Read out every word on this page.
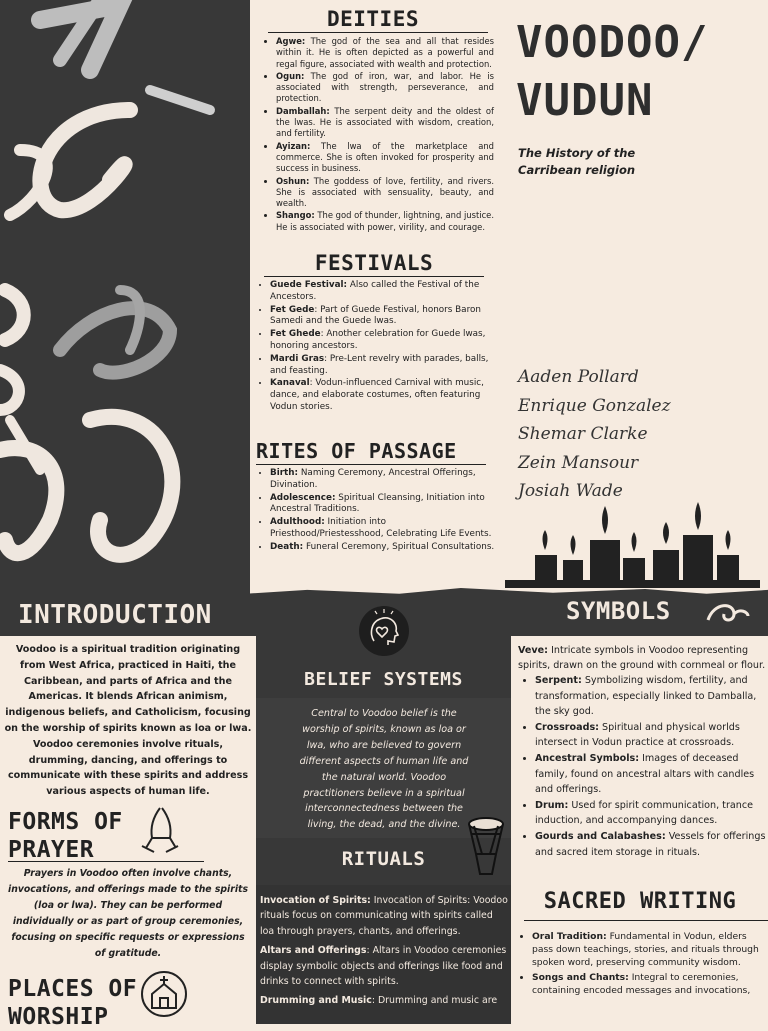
DEITIES
• Agwe: The god of the sea and all that resides within it. He is often depicted as a powerful and regal figure, associated with wealth and protection.
• Ogun: The god of iron, war, and labor. He is associated with strength, perseverance, and protection.
• Damballah: The serpent deity and the oldest of the lwas. He is associated with wisdom, creation, and fertility.
• Ayizan: The lwa of the marketplace and commerce. She is often invoked for prosperity and success in business.
• Oshun: The goddess of love, fertility, and rivers. She is associated with sensuality, beauty, and wealth.
• Shango: The god of thunder, lightning, and justice. He is associated with power, virility, and courage.
FESTIVALS
• Guede Festival: Also called the Festival of the Ancestors.
• Fet Gede: Part of Guede Festival, honors Baron Samedi and the Guede lwas.
• Fet Ghede: Another celebration for Guede lwas, honoring ancestors.
• Mardi Gras: Pre-Lent revelry with parades, balls, and feasting.
• Kanaval: Vodun-influenced Carnival with music, dance, and elaborate costumes, often featuring Vodun stories.
RITES OF PASSAGE
• Birth: Naming Ceremony, Ancestral Offerings, Divination.
• Adolescence: Spiritual Cleansing, Initiation into Ancestral Traditions.
• Adulthood: Initiation into Priesthood/Priestesshood, Celebrating Life Events.
• Death: Funeral Ceremony, Spiritual Consultations.
VOODOO/
VUDUN
The History of the
Carribean religion
Aaden Pollard
Enrique Gonzalez
Shemar Clarke
Zein Mansour
Josiah Wade
INTRODUCTION
Voodoo is a spiritual tradition originating from West Africa, practiced in Haiti, the Caribbean, and parts of Africa and the Americas. It blends African animism, indigenous beliefs, and Catholicism, focusing on the worship of spirits known as loa or lwa. Voodoo ceremonies involve rituals, drumming, dancing, and offerings to communicate with these spirits and address various aspects of human life.
FORMS OF
PRAYER
Prayers in Voodoo often involve chants, invocations, and offerings made to the spirits (loa or lwa). They can be performed individually or as part of group ceremonies, focusing on specific requests or expressions of gratitude.
PLACES OF
WORSHIP
BELIEF SYSTEMS
Central to Voodoo belief is the worship of spirits, known as loa or lwa, who are believed to govern different aspects of human life and the natural world. Voodoo practitioners believe in a spiritual interconnectedness between the living, the dead, and the divine.
RITUALS
Invocation of Spirits: Invocation of Spirits: Voodoo rituals focus on communicating with spirits called loa through prayers, chants, and offerings.
Altars and Offerings: Altars in Voodoo ceremonies display symbolic objects and offerings like food and drinks to connect with spirits.
Drumming and Music: Drumming and music are
SYMBOLS
Veve: Intricate symbols in Voodoo representing spirits, drawn on the ground with cornmeal or flour.
• Serpent: Symbolizing wisdom, fertility, and transformation, especially linked to Damballa, the sky god.
• Crossroads: Spiritual and physical worlds intersect in Vodun practice at crossroads.
• Ancestral Symbols: Images of deceased family, found on ancestral altars with candles and offerings.
• Drum: Used for spirit communication, trance induction, and accompanying dances.
• Gourds and Calabashes: Vessels for offerings and sacred item storage in rituals.
SACRED WRITING
• Oral Tradition: Fundamental in Vodun, elders pass down teachings, stories, and rituals through spoken word, preserving community wisdom.
• Songs and Chants: Integral to ceremonies, containing encoded messages and invocations,
